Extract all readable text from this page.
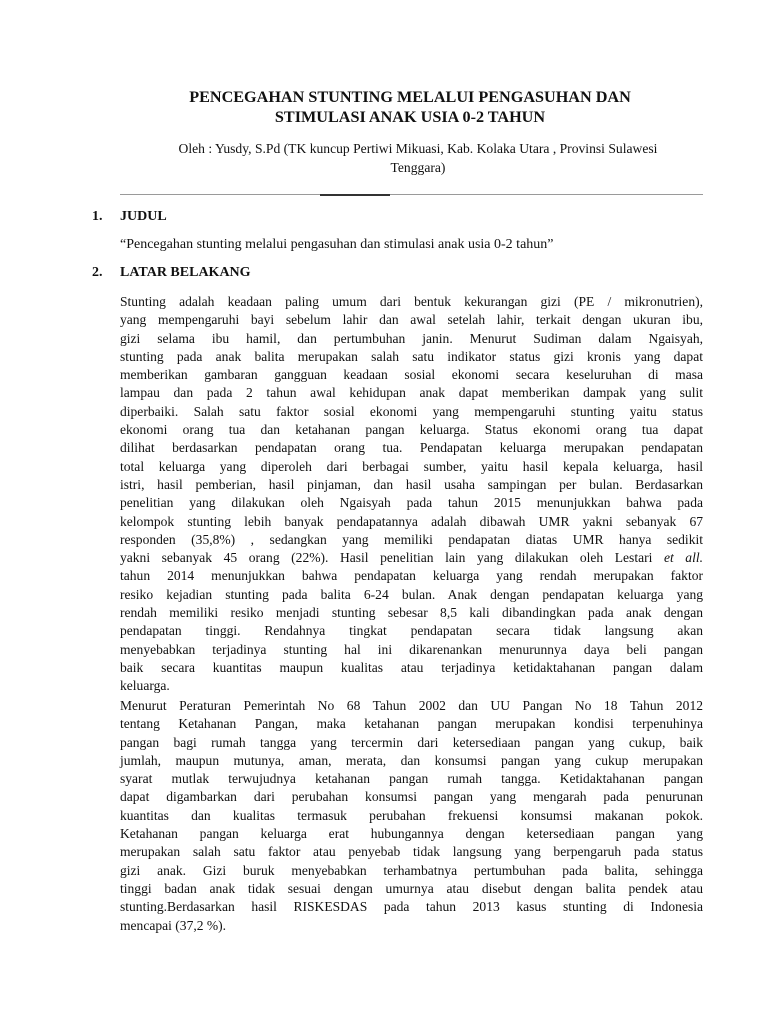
PENCEGAHAN STUNTING MELALUI PENGASUHAN DAN
STIMULASI ANAK USIA 0-2 TAHUN

Oleh : Yusdy, S.Pd (TK kuncup Pertiwi Mikuasi, Kab. Kolaka Utara , Provinsi Sulawesi
Tenggara)

1. JUDUL

“Pencegahan stunting melalui pengasuhan dan stimulasi anak usia 0-2 tahun”

2. LATAR BELAKANG
Stunting adalah keadaan paling umum dari bentuk kekurangan gizi (PE / mikronutrien),
yang mempengaruhi bayi sebelum lahir dan awal setelah lahir, terkait dengan ukuran ibu,
gizi selama ibu hamil, dan pertumbuhan janin. Menurut Sudiman dalam Ngaisyah,
stunting pada anak balita merupakan salah satu indikator status gizi kronis yang dapat
memberikan gambaran gangguan keadaan sosial ekonomi secara keseluruhan di masa
lampau dan pada 2 tahun awal kehidupan anak dapat memberikan dampak yang sulit
diperbaiki. Salah satu faktor sosial ekonomi yang mempengaruhi stunting yaitu status
ekonomi orang tua dan ketahanan pangan keluarga. Status ekonomi orang tua dapat
dilihat berdasarkan pendapatan orang tua. Pendapatan keluarga merupakan pendapatan
total keluarga yang diperoleh dari berbagai sumber, yaitu hasil kepala keluarga, hasil
istri, hasil pemberian, hasil pinjaman, dan hasil usaha sampingan per bulan. Berdasarkan
penelitian yang dilakukan oleh Ngaisyah pada tahun 2015 menunjukkan bahwa pada
kelompok stunting lebih banyak pendapatannya adalah dibawah UMR yakni sebanyak 67
responden (35,8%) , sedangkan yang memiliki pendapatan diatas UMR hanya sedikit
yakni sebanyak 45 orang (22%). Hasil penelitian lain yang dilakukan oleh Lestari et all.
tahun 2014 menunjukkan bahwa pendapatan keluarga yang rendah merupakan faktor
resiko kejadian stunting pada balita 6-24 bulan. Anak dengan pendapatan keluarga yang
rendah memiliki resiko menjadi stunting sebesar 8,5 kali dibandingkan pada anak dengan
pendapatan tinggi. Rendahnya tingkat pendapatan secara tidak langsung akan
menyebabkan terjadinya stunting hal ini dikarenankan menurunnya daya beli pangan
baik secara kuantitas maupun kualitas atau terjadinya ketidaktahanan pangan dalam
keluarga.
Menurut Peraturan Pemerintah No 68 Tahun 2002 dan UU Pangan No 18 Tahun 2012
tentang Ketahanan Pangan, maka ketahanan pangan merupakan kondisi terpenuhinya
pangan bagi rumah tangga yang tercermin dari ketersediaan pangan yang cukup, baik
jumlah, maupun mutunya, aman, merata, dan konsumsi pangan yang cukup merupakan
syarat mutlak terwujudnya ketahanan pangan rumah tangga. Ketidaktahanan pangan
dapat digambarkan dari perubahan konsumsi pangan yang mengarah pada penurunan
kuantitas dan kualitas termasuk perubahan frekuensi konsumsi makanan pokok.
Ketahanan pangan keluarga erat hubungannya dengan ketersediaan pangan yang
merupakan salah satu faktor atau penyebab tidak langsung yang berpengaruh pada status
gizi anak. Gizi buruk menyebabkan terhambatnya pertumbuhan pada balita, sehingga
tinggi badan anak tidak sesuai dengan umurnya atau disebut dengan balita pendek atau
stunting.Berdasarkan hasil RISKESDAS pada tahun 2013 kasus stunting di Indonesia
mencapai (37,2 %).
